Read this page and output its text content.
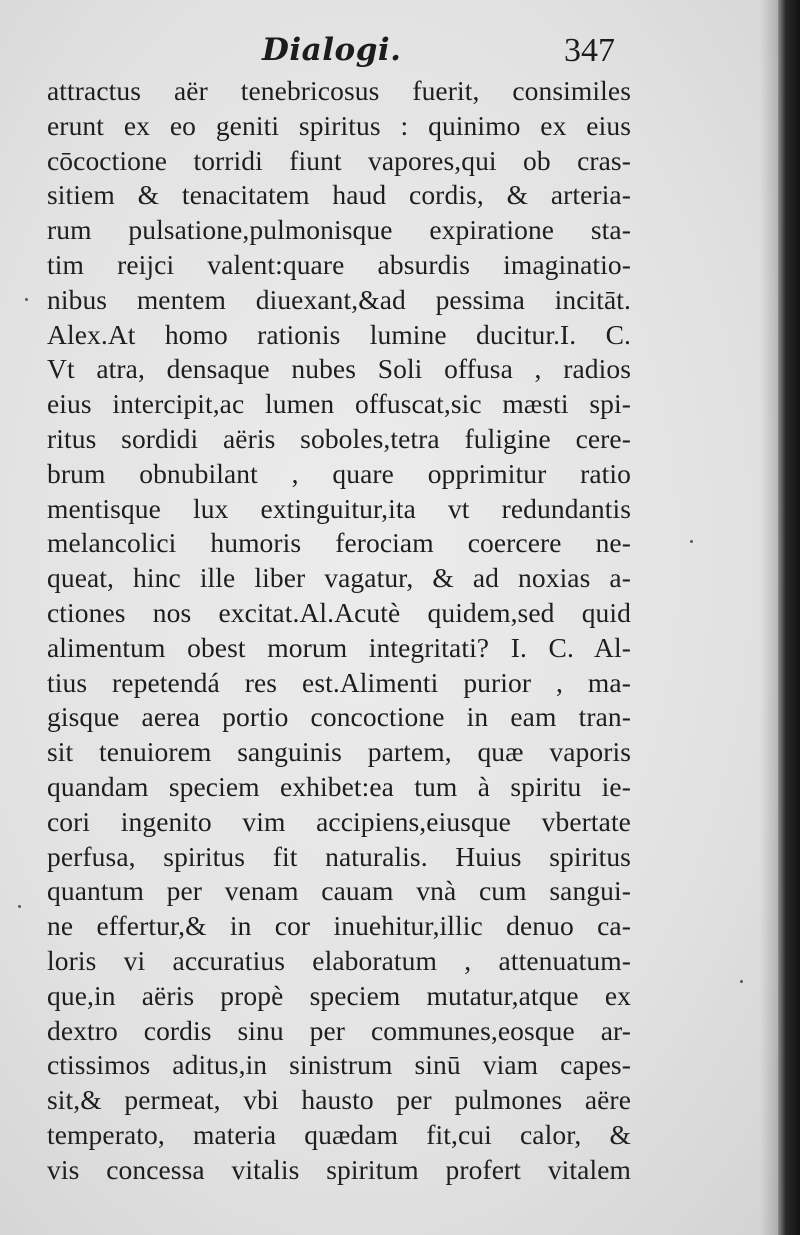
Dialogi.	347
attractus aër tenebricosus fuerit, consimiles
erunt ex eo geniti spiritus : quinimo ex eius
cōcoctione torridi fiunt vapores,qui ob cras-
sitiem & tenacitatem haud cordis, & arteria-
rum pulsatione,pulmonisque expiratione sta-
tim reijci valent:quare absurdis imaginatio-
nibus mentem diuexant,&ad pessima incitāt.
Alex.At homo rationis lumine ducitur.I. C.
Vt atra, densaque nubes Soli offusa , radios
eius intercipit,ac lumen offuscat,sic mæsti spi-
ritus sordidi aëris soboles,tetra fuligine cere-
brum obnubilant , quare opprimitur ratio
mentisque lux extinguitur,ita vt redundantis
melancolici humoris ferociam coercere ne-
queat, hinc ille liber vagatur, & ad noxias a-
ctiones nos excitat.Al.Acutè quidem,sed quid
alimentum obest morum integritati? I. C. Al-
tius repetendá res est.Alimenti purior , ma-
gisque aerea portio concoctione in eam tran-
sit tenuiorem sanguinis partem, quæ vaporis
quandam speciem exhibet:ea tum à spiritu ie-
cori ingenito vim accipiens,eiusque vbertate
perfusa, spiritus fit naturalis. Huius spiritus
quantum per venam cauam vnà cum sangui-
ne effertur,& in cor inuehitur,illic denuo ca-
loris vi accuratius elaboratum , attenuatum-
que,in aëris propè speciem mutatur,atque ex
dextro cordis sinu per communes,eosque ar-
ctissimos aditus,in sinistrum sinū viam capes-
sit,& permeat, vbi hausto per pulmones aëre
temperato, materia quædam fit,cui calor, &
vis concessa vitalis spiritum profert vitalem
